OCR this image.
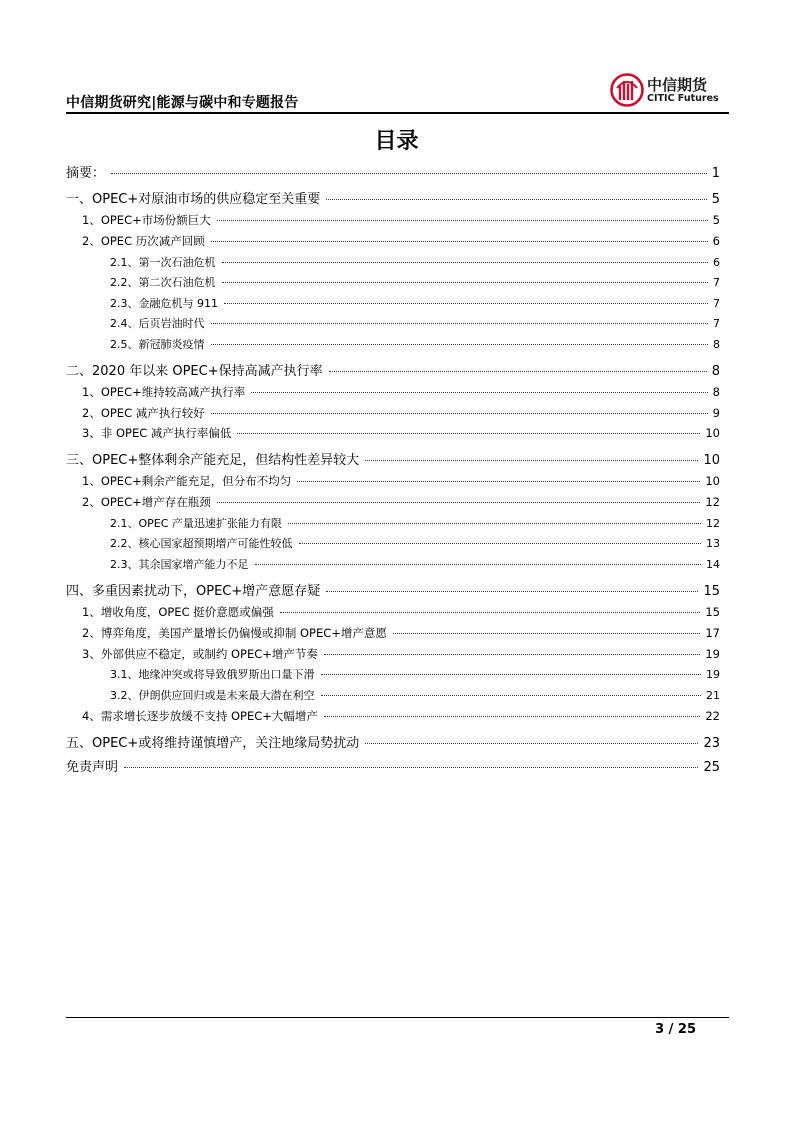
中信期货研究|能源与碳中和专题报告
中信期货
CITIC Futures
目录
摘要：	1
一、OPEC+对原油市场的供应稳定至关重要	5
1、OPEC+市场份额巨大	5
2、OPEC 历次减产回顾	6
2.1、第一次石油危机	6
2.2、第二次石油危机	7
2.3、金融危机与 911	7
2.4、后页岩油时代	7
2.5、新冠肺炎疫情	8
二、2020 年以来 OPEC+保持高减产执行率	8
1、OPEC+维持较高减产执行率	8
2、OPEC 减产执行较好	9
3、非 OPEC 减产执行率偏低	10
三、OPEC+整体剩余产能充足，但结构性差异较大	10
1、OPEC+剩余产能充足，但分布不均匀	10
2、OPEC+增产存在瓶颈	12
2.1、OPEC 产量迅速扩张能力有限	12
2.2、核心国家超预期增产可能性较低	13
2.3、其余国家增产能力不足	14
四、多重因素扰动下，OPEC+增产意愿存疑	15
1、增收角度，OPEC 挺价意愿或偏强	15
2、博弈角度，美国产量增长仍偏慢或抑制 OPEC+增产意愿	17
3、外部供应不稳定，或制约 OPEC+增产节奏	19
3.1、地缘冲突或将导致俄罗斯出口量下滑	19
3.2、伊朗供应回归或是未来最大潜在利空	21
4、需求增长逐步放缓不支持 OPEC+大幅增产	22
五、OPEC+或将维持谨慎增产，关注地缘局势扰动	23
免责声明	25
3 / 25
